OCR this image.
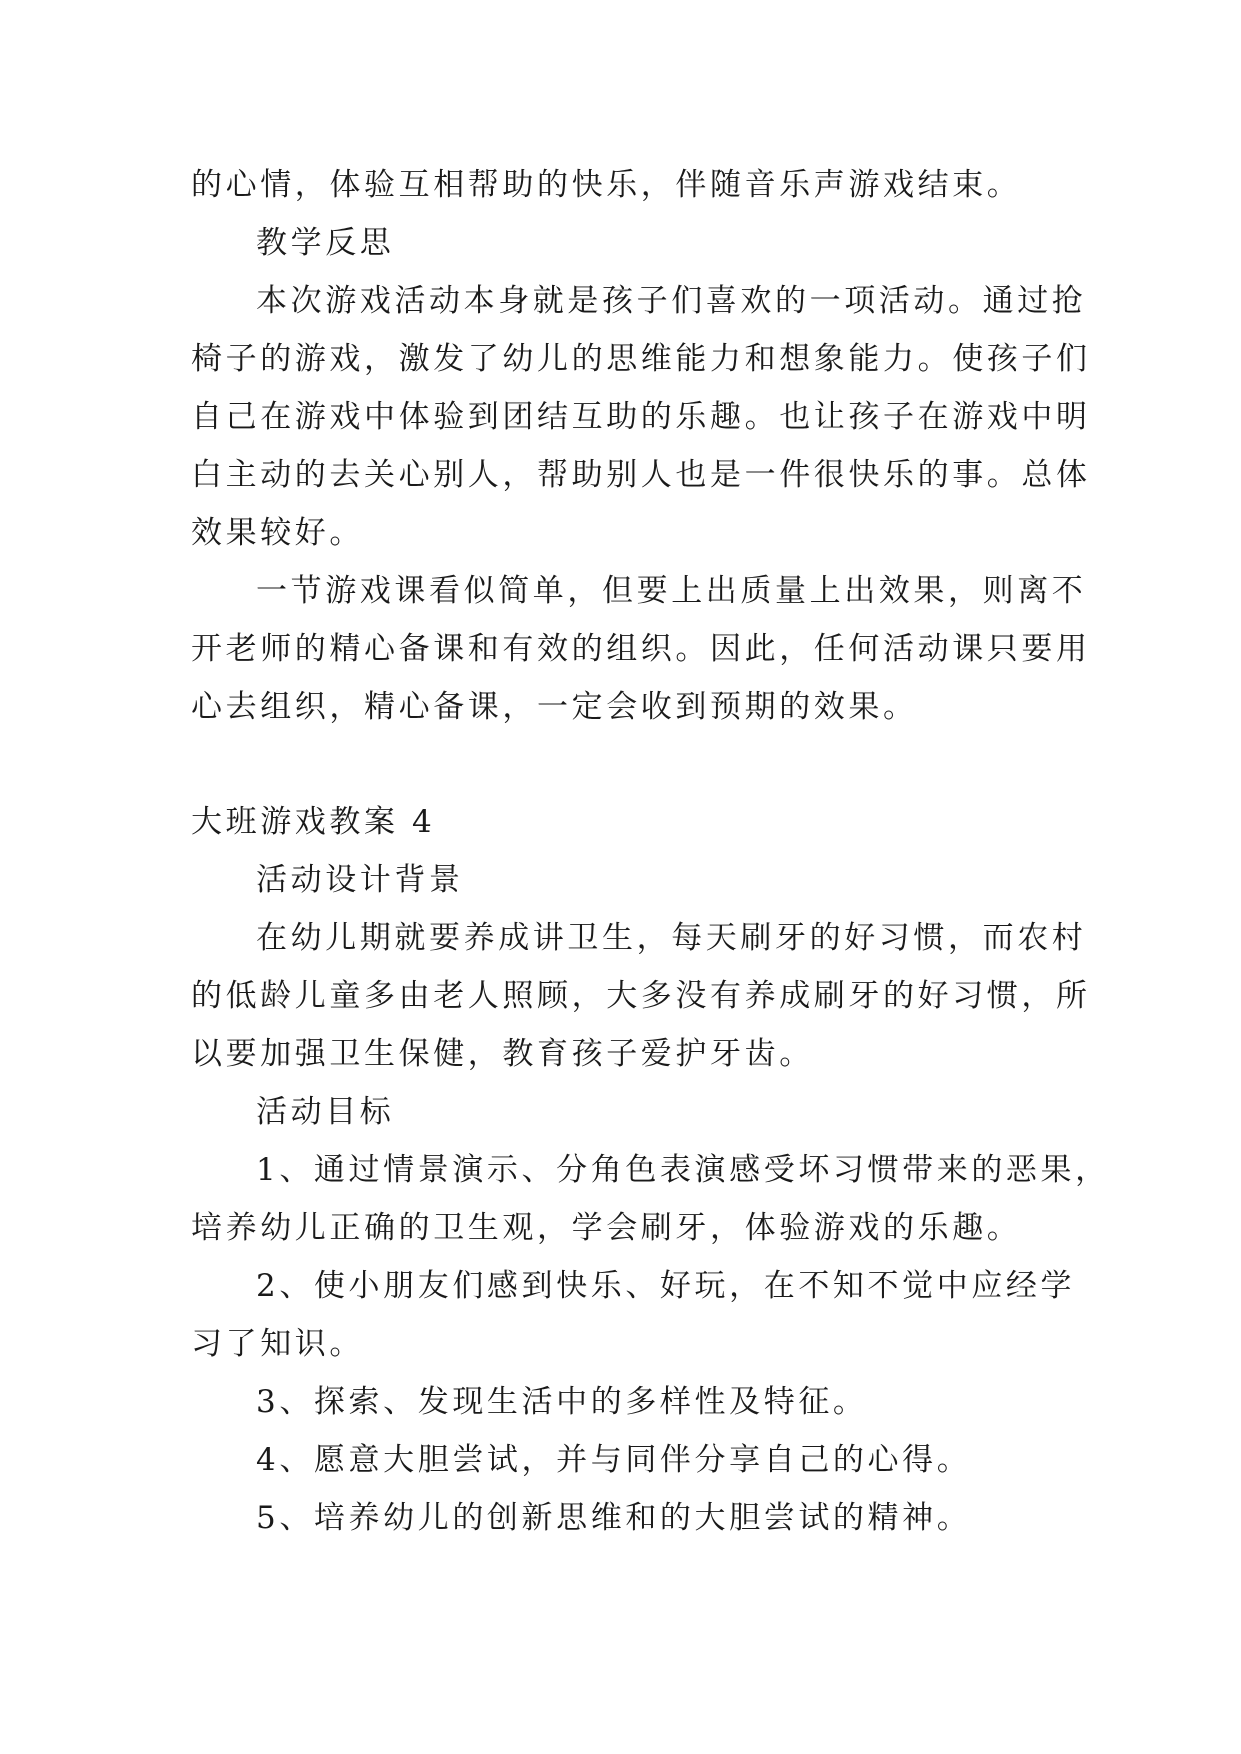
的心情，体验互相帮助的快乐，伴随音乐声游戏结束。
教学反思
本次游戏活动本身就是孩子们喜欢的一项活动。通过抢
椅子的游戏，激发了幼儿的思维能力和想象能力。使孩子们
自己在游戏中体验到团结互助的乐趣。也让孩子在游戏中明
白主动的去关心别人，帮助别人也是一件很快乐的事。总体
效果较好。
一节游戏课看似简单，但要上出质量上出效果，则离不
开老师的精心备课和有效的组织。因此，任何活动课只要用
心去组织，精心备课，一定会收到预期的效果。
大班游戏教案 4
活动设计背景
在幼儿期就要养成讲卫生，每天刷牙的好习惯，而农村
的低龄儿童多由老人照顾，大多没有养成刷牙的好习惯，所
以要加强卫生保健，教育孩子爱护牙齿。
活动目标
1、通过情景演示、分角色表演感受坏习惯带来的恶果，
培养幼儿正确的卫生观，学会刷牙，体验游戏的乐趣。
2、使小朋友们感到快乐、好玩，在不知不觉中应经学
习了知识。
3、探索、发现生活中的多样性及特征。
4、愿意大胆尝试，并与同伴分享自己的心得。
5、培养幼儿的创新思维和的大胆尝试的精神。
